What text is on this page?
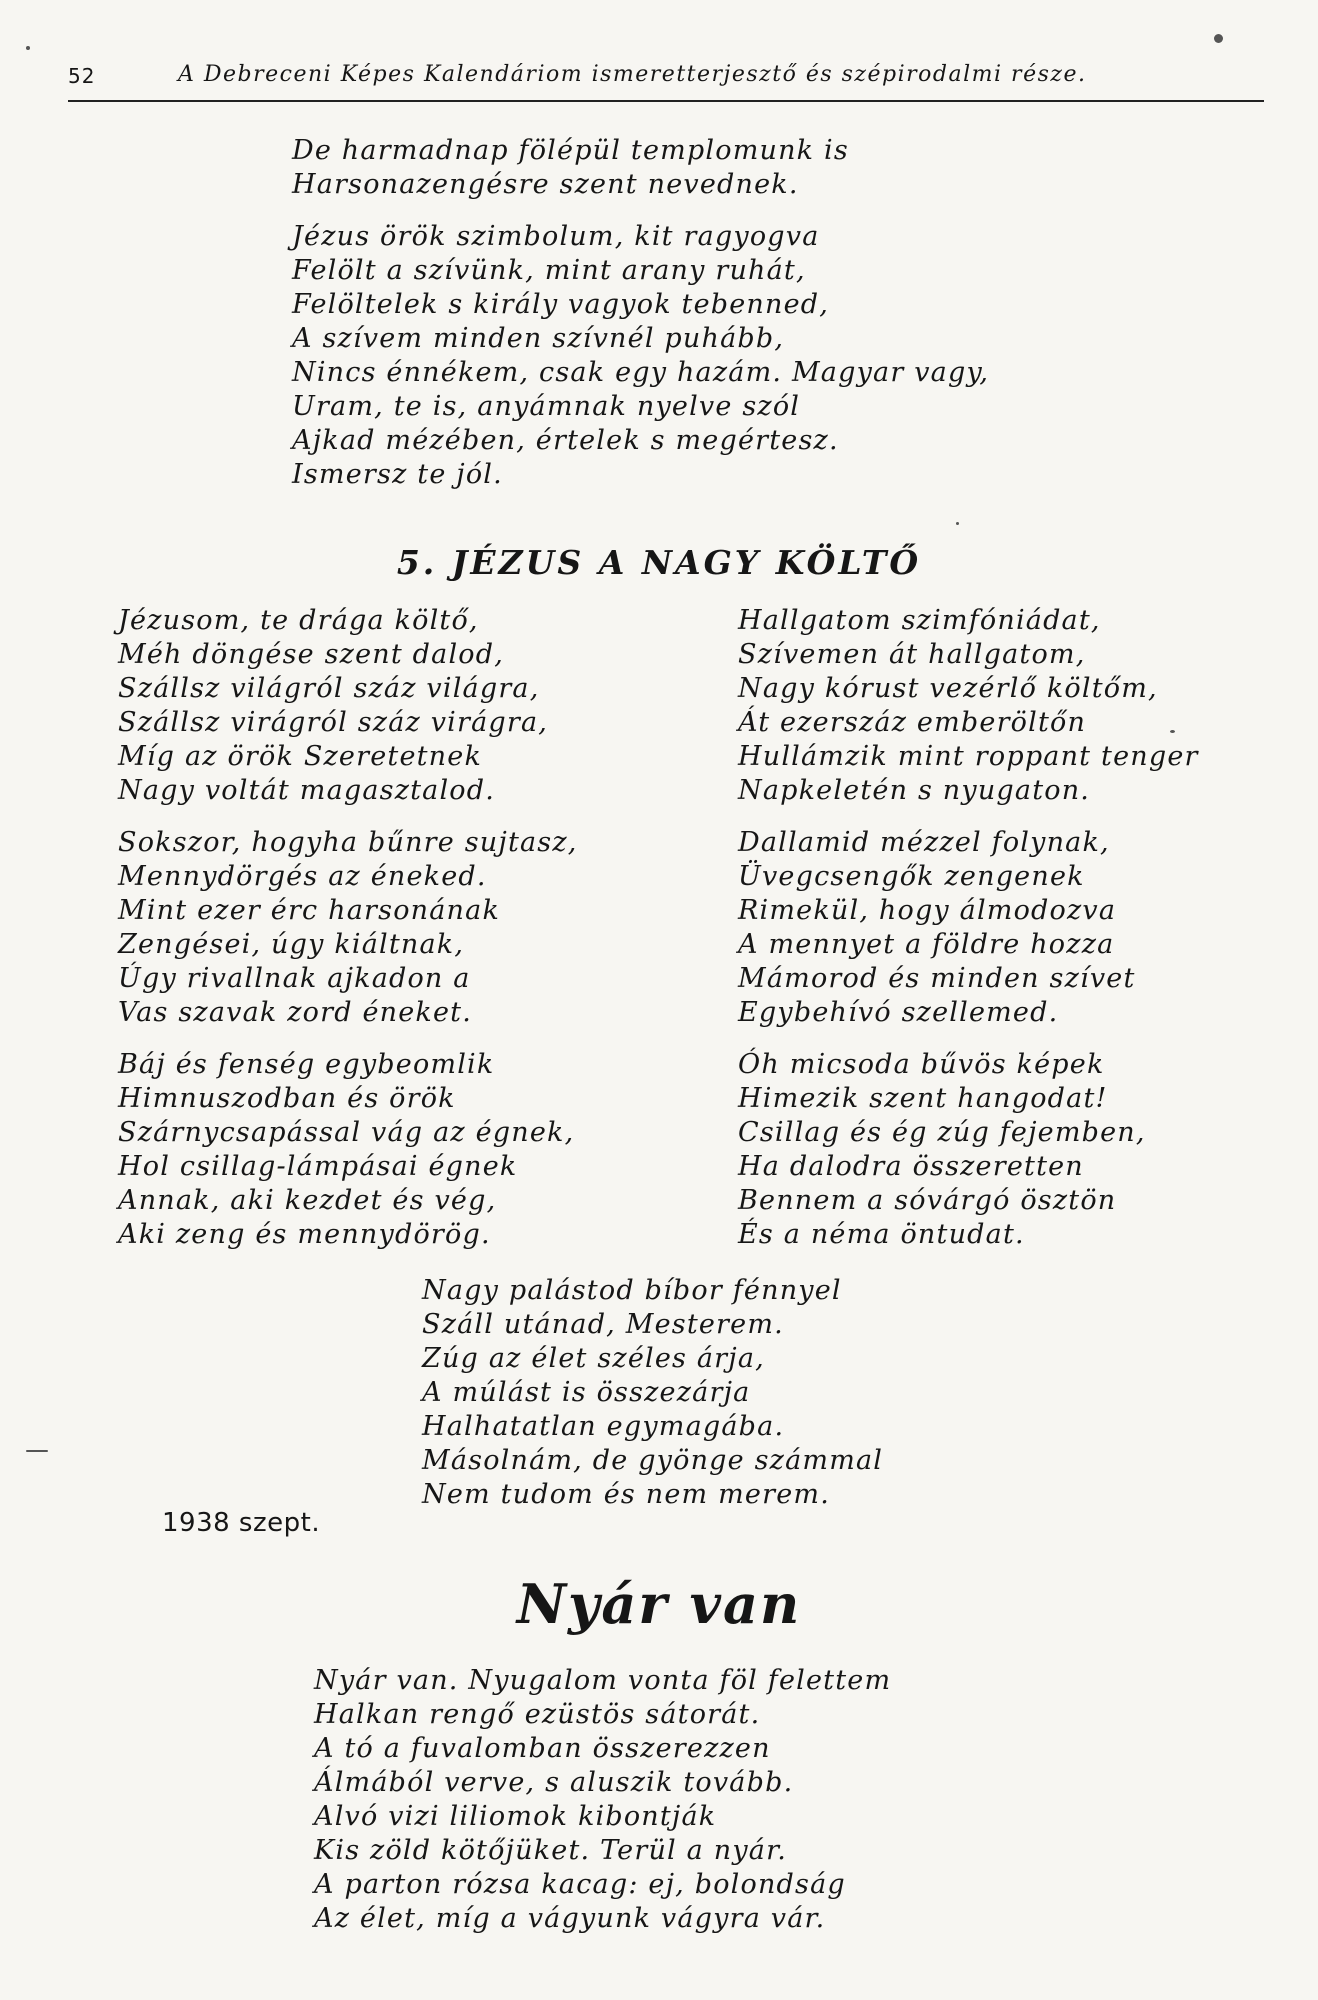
52	A Debreceni Képes Kalendáriom ismeretterjesztő és szépirodalmi része.
De harmadnap fölépül templomunk is
Harsonazengésre szent nevednek.
Jézus örök szimbolum, kit ragyogva
Felölt a szívünk, mint arany ruhát,
Felöltelek s király vagyok tebenned,
A szívem minden szívnél puhább,
Nincs énnékem, csak egy hazám. Magyar vagy,
Uram, te is, anyámnak nyelve szól
Ajkad mézében, értelek s megértesz.
Ismersz te jól.
5. JÉZUS A NAGY KÖLTŐ
Jézusom, te drága költő,
Méh döngése szent dalod,
Szállsz világról száz világra,
Szállsz virágról száz virágra,
Míg az örök Szeretetnek
Nagy voltát magasztalod.
Sokszor, hogyha bűnre sujtasz,
Mennydörgés az éneked.
Mint ezer érc harsonának
Zengései, úgy kiáltnak,
Úgy rivallnak ajkadon a
Vas szavak zord éneket.
Báj és fenség egybeomlik
Himnuszodban és örök
Szárnycsapással vág az égnek,
Hol csillag-lámpásai égnek
Annak, aki kezdet és vég,
Aki zeng és mennydörög.
Hallgatom szimfóniádat,
Szívemen át hallgatom,
Nagy kórust vezérlő költőm,
Át ezerszáz emberöltőn
Hullámzik mint roppant tenger
Napkeletén s nyugaton.
Dallamid mézzel folynak,
Üvegcsengők zengenek
Rimekül, hogy álmodozva
A mennyet a földre hozza
Mámorod és minden szívet
Egybehívó szellemed.
Óh micsoda bűvös képek
Himezik szent hangodat!
Csillag és ég zúg fejemben,
Ha dalodra összeretten
Bennem a sóvárgó ösztön
És a néma öntudat.
Nagy palástod bíbor fénnyel
Száll utánad, Mesterem.
Zúg az élet széles árja,
A múlást is összezárja
Halhatatlan egymagába.
Másolnám, de gyönge számmal
Nem tudom és nem merem.
1938 szept.
Nyár van
Nyár van. Nyugalom vonta föl felettem
Halkan rengő ezüstös sátorát.
A tó a fuvalomban összerezzen
Álmából verve, s aluszik tovább.
Alvó vizi liliomok kibontják
Kis zöld kötőjüket. Terül a nyár.
A parton rózsa kacag: ej, bolondság
Az élet, míg a vágyunk vágyra vár.
